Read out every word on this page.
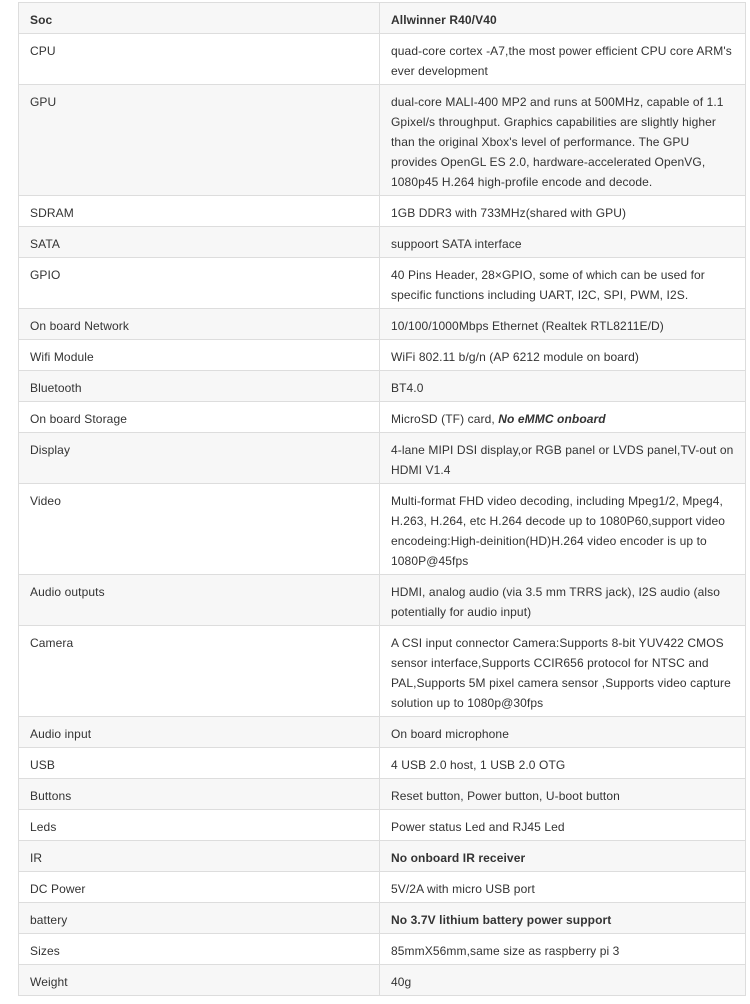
Soc	Allwinner R40/V40
CPU	quad-core cortex -A7,the most power efficient CPU core ARM's ever development
GPU	dual-core MALI-400 MP2 and runs at 500MHz, capable of 1.1 Gpixel/s throughput. Graphics capabilities are slightly higher than the original Xbox's level of performance. The GPU provides OpenGL ES 2.0, hardware-accelerated OpenVG, 1080p45 H.264 high-profile encode and decode.
SDRAM	1GB DDR3 with 733MHz(shared with GPU)
SATA	suppoort SATA interface
GPIO	40 Pins Header, 28×GPIO, some of which can be used for specific functions including UART, I2C, SPI, PWM, I2S.
On board Network	10/100/1000Mbps Ethernet (Realtek RTL8211E/D)
Wifi Module	WiFi 802.11 b/g/n (AP 6212 module on board)
Bluetooth	BT4.0
On board Storage	MicroSD (TF) card, No eMMC onboard
Display	4-lane MIPI DSI display,or RGB panel or LVDS panel,TV-out on HDMI V1.4
Video	Multi-format FHD video decoding, including Mpeg1/2, Mpeg4, H.263, H.264, etc H.264 decode up to 1080P60,support video encodeing:High-deinition(HD)H.264 video encoder is up to 1080P@45fps
Audio outputs	HDMI, analog audio (via 3.5 mm TRRS jack), I2S audio (also potentially for audio input)
Camera	A CSI input connector Camera:Supports 8-bit YUV422 CMOS sensor interface,Supports CCIR656 protocol for NTSC and PAL,Supports 5M pixel camera sensor ,Supports video capture solution up to 1080p@30fps
Audio input	On board microphone
USB	4 USB 2.0 host, 1 USB 2.0 OTG
Buttons	Reset button, Power button, U-boot button
Leds	Power status Led and RJ45 Led
IR	No onboard IR receiver
DC Power	5V/2A with micro USB port
battery	No 3.7V lithium battery power support
Sizes	85mmX56mm,same size as raspberry pi 3
Weight	40g
